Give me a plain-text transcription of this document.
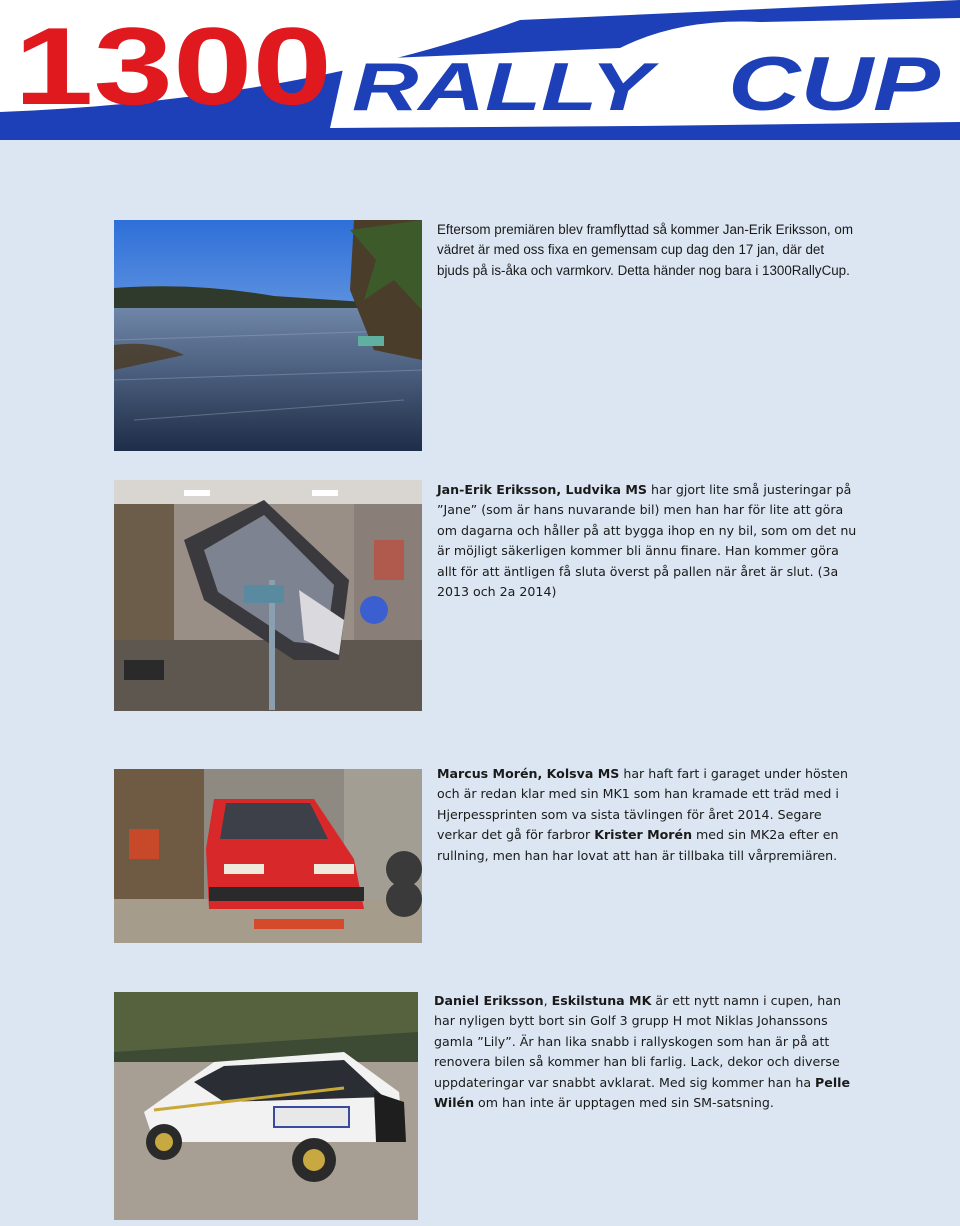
1300 RALLY CUP
Eftersom premiären blev framflyttad så kommer Jan-Erik Eriksson, om vädret är med oss fixa en gemensam cup dag den 17 jan, där det bjuds på is-åka och varmkorv. Detta händer nog bara i 1300RallyCup.
Jan-Erik Eriksson, Ludvika MS har gjort lite små justeringar på ”Jane” (som är hans nuvarande bil) men han har för lite att göra om dagarna och håller på att bygga ihop en ny bil, som om det nu är möjligt säkerligen kommer bli ännu finare. Han kommer göra allt för att äntligen få sluta överst på pallen när året är slut. (3a 2013 och 2a 2014)
Marcus Morén, Kolsva MS har haft fart i garaget under hösten och är redan klar med sin MK1 som han kramade ett träd med i Hjerpessprinten som va sista tävlingen för året 2014. Segare verkar det gå för farbror Krister Morén med sin MK2a efter en rullning, men han har lovat att han är tillbaka till vårpremiären.
Daniel Eriksson, Eskilstuna MK är ett nytt namn i cupen, han har nyligen bytt bort sin Golf 3 grupp H mot Niklas Johanssons gamla ”Lily”. Är han lika snabb i rallyskogen som han är på att renovera bilen så kommer han bli farlig. Lack, dekor och diverse uppdateringar var snabbt avklarat. Med sig kommer han ha Pelle Wilén om han inte är upptagen med sin SM-satsning.
